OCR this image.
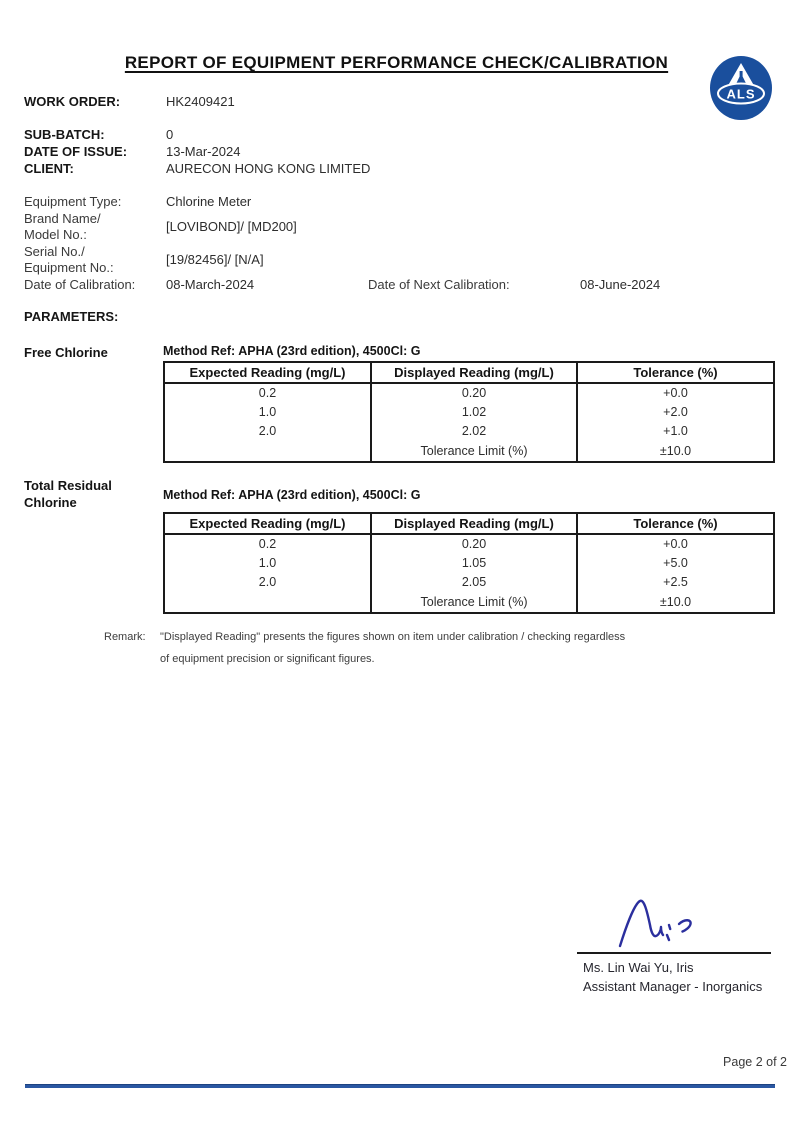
REPORT OF EQUIPMENT PERFORMANCE CHECK/CALIBRATION
ALS
WORK ORDER:	HK2409421
SUB-BATCH:	0
DATE OF ISSUE:	13-Mar-2024
CLIENT:	AURECON HONG KONG LIMITED
Equipment Type:	Chlorine Meter
Brand Name/
Model No.:
[LOVIBOND]/ [MD200]
Serial No./
Equipment No.:
[19/82456]/ [N/A]
Date of Calibration: 08-March-2024	Date of Next Calibration:	08-June-2024
PARAMETERS:
Free Chlorine	Method Ref: APHA (23rd edition), 4500Cl: G
Expected Reading (mg/L)	Displayed Reading (mg/L)	Tolerance (%)
0.2	0.20	+0.0
1.0	1.02	+2.0
2.0	2.02	+1.0
	Tolerance Limit (%)	±10.0
Total Residual Chlorine	Method Ref: APHA (23rd edition), 4500Cl: G
Expected Reading (mg/L)	Displayed Reading (mg/L)	Tolerance (%)
0.2	0.20	+0.0
1.0	1.05	+5.0
2.0	2.05	+2.5
	Tolerance Limit (%)	±10.0
Remark: "Displayed Reading" presents the figures shown on item under calibration / checking regardless
of equipment precision or significant figures.
Ms. Lin Wai Yu, Iris
Assistant Manager - Inorganics
Page 2 of 2
